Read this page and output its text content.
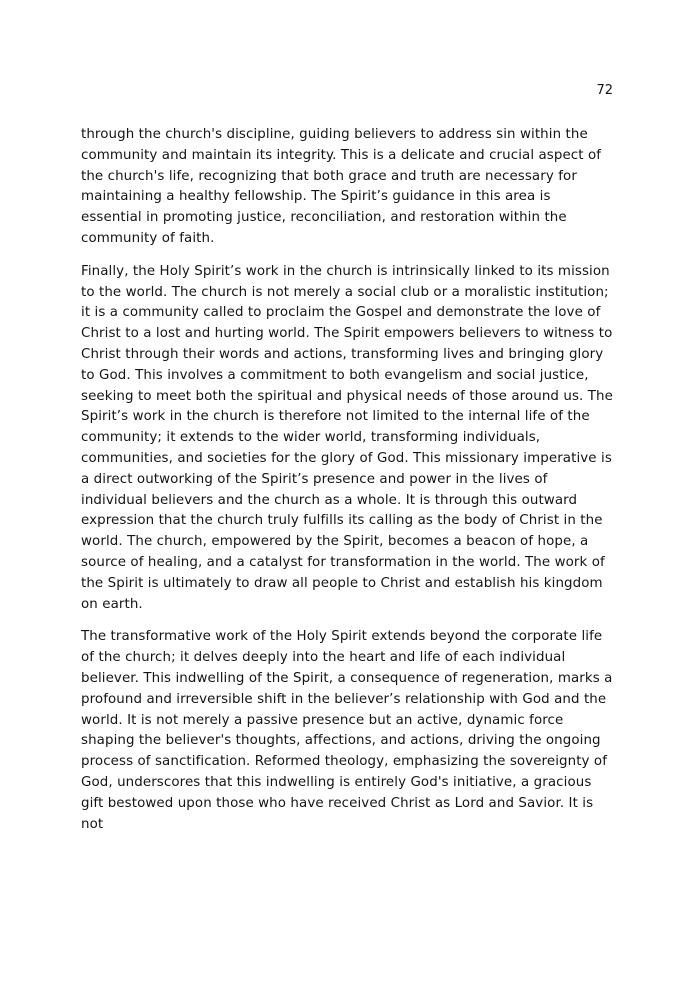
72

through the church's discipline, guiding believers to address sin within the community and maintain its integrity. This is a delicate and crucial aspect of the church's life, recognizing that both grace and truth are necessary for maintaining a healthy fellowship. The Spirit’s guidance in this area is essential in promoting justice, reconciliation, and restoration within the community of faith.

Finally, the Holy Spirit’s work in the church is intrinsically linked to its mission to the world. The church is not merely a social club or a moralistic institution; it is a community called to proclaim the Gospel and demonstrate the love of Christ to a lost and hurting world. The Spirit empowers believers to witness to Christ through their words and actions, transforming lives and bringing glory to God. This involves a commitment to both evangelism and social justice, seeking to meet both the spiritual and physical needs of those around us. The Spirit’s work in the church is therefore not limited to the internal life of the community; it extends to the wider world, transforming individuals, communities, and societies for the glory of God. This missionary imperative is a direct outworking of the Spirit’s presence and power in the lives of individual believers and the church as a whole. It is through this outward expression that the church truly fulfills its calling as the body of Christ in the world. The church, empowered by the Spirit, becomes a beacon of hope, a source of healing, and a catalyst for transformation in the world. The work of the Spirit is ultimately to draw all people to Christ and establish his kingdom on earth.

The transformative work of the Holy Spirit extends beyond the corporate life of the church; it delves deeply into the heart and life of each individual believer. This indwelling of the Spirit, a consequence of regeneration, marks a profound and irreversible shift in the believer’s relationship with God and the world. It is not merely a passive presence but an active, dynamic force shaping the believer's thoughts, affections, and actions, driving the ongoing process of sanctification. Reformed theology, emphasizing the sovereignty of God, underscores that this indwelling is entirely God's initiative, a gracious gift bestowed upon those who have received Christ as Lord and Savior. It is not
